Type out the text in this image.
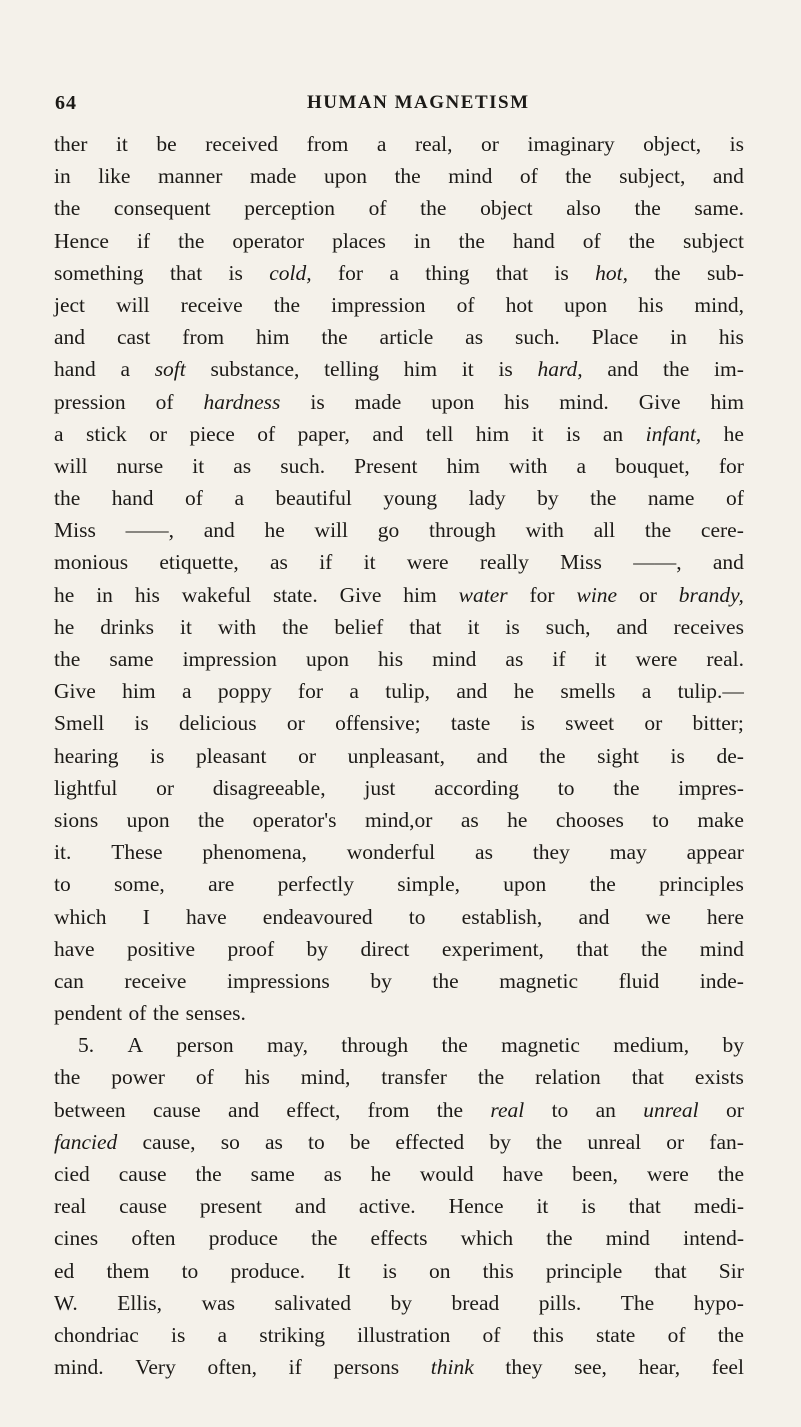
64	HUMAN MAGNETISM
ther it be received from a real, or imaginary object, is
in like manner made upon the mind of the subject, and
the consequent perception of the object also the same.
Hence if the operator places in the hand of the subject
something that is cold, for a thing that is hot, the sub-
ject will receive the impression of hot upon his mind,
and cast from him the article as such. Place in his
hand a soft substance, telling him it is hard, and the im-
pression of hardness is made upon his mind. Give him
a stick or piece of paper, and tell him it is an infant, he
will nurse it as such. Present him with a bouquet, for
the hand of a beautiful young lady by the name of
Miss ——, and he will go through with all the cere-
monious etiquette, as if it were really Miss ——, and
he in his wakeful state. Give him water for wine or brandy,
he drinks it with the belief that it is such, and receives
the same impression upon his mind as if it were real.
Give him a poppy for a tulip, and he smells a tulip.—
Smell is delicious or offensive; taste is sweet or bitter;
hearing is pleasant or unpleasant, and the sight is de-
lightful or disagreeable, just according to the impres-
sions upon the operator's mind,or as he chooses to make
it. These phenomena, wonderful as they may appear
to some, are perfectly simple, upon the principles
which I have endeavoured to establish, and we here
have positive proof by direct experiment, that the mind
can receive impressions by the magnetic fluid inde-
pendent of the senses.
5. A person may, through the magnetic medium, by
the power of his mind, transfer the relation that exists
between cause and effect, from the real to an unreal or
fancied cause, so as to be effected by the unreal or fan-
cied cause the same as he would have been, were the
real cause present and active. Hence it is that medi-
cines often produce the effects which the mind intend-
ed them to produce. It is on this principle that Sir
W. Ellis, was salivated by bread pills. The hypo-
chondriac is a striking illustration of this state of the
mind. Very often, if persons think they see, hear, feel
